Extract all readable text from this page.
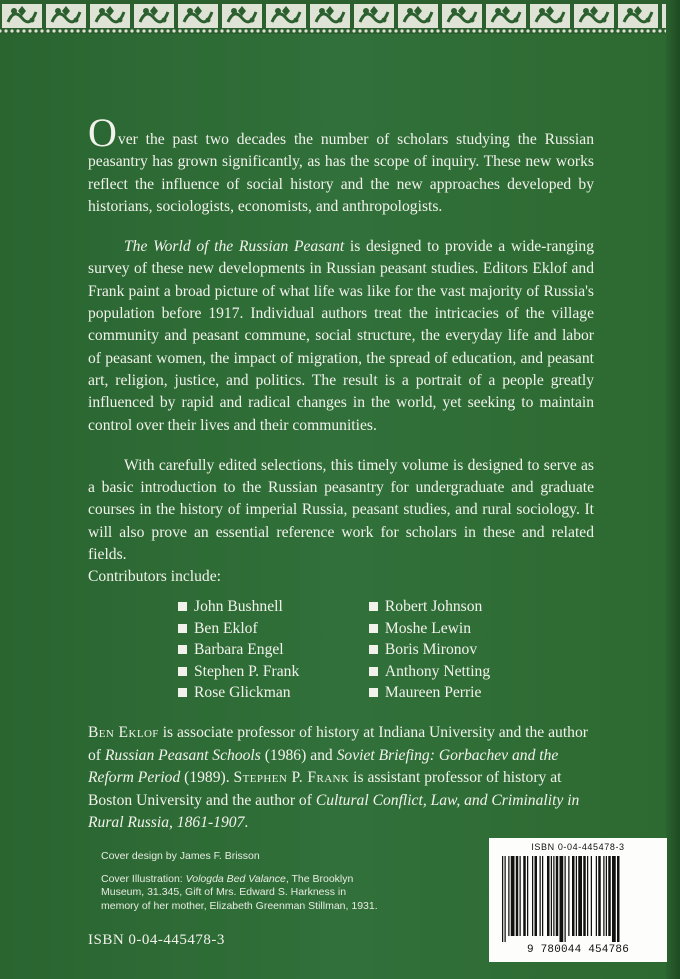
Over the past two decades the number of scholars studying the Russian peasantry has grown significantly, as has the scope of inquiry. These new works reflect the influence of social history and the new approaches developed by historians, sociologists, economists, and anthropologists.

The World of the Russian Peasant is designed to provide a wide-ranging survey of these new developments in Russian peasant studies. Editors Eklof and Frank paint a broad picture of what life was like for the vast majority of Russia's population before 1917. Individual authors treat the intricacies of the village community and peasant commune, social structure, the everyday life and labor of peasant women, the impact of migration, the spread of education, and peasant art, religion, justice, and politics. The result is a portrait of a people greatly influenced by rapid and radical changes in the world, yet seeking to maintain control over their lives and their communities.

With carefully edited selections, this timely volume is designed to serve as a basic introduction to the Russian peasantry for undergraduate and graduate courses in the history of imperial Russia, peasant studies, and rural sociology. It will also prove an essential reference work for scholars in these and related fields.

Contributors include:

John Bushnell
Ben Eklof
Barbara Engel
Stephen P. Frank
Rose Glickman
Robert Johnson
Moshe Lewin
Boris Mironov
Anthony Netting
Maureen Perrie
Ben Eklof is associate professor of history at Indiana University and the author of Russian Peasant Schools (1986) and Soviet Briefing: Gorbachev and the Reform Period (1989). Stephen P. Frank is assistant professor of history at Boston University and the author of Cultural Conflict, Law, and Criminality in Rural Russia, 1861-1907.

Cover design by James F. Brisson

Cover Illustration: Vologda Bed Valance, The Brooklyn Museum, 31.345, Gift of Mrs. Edward S. Harkness in memory of her mother, Elizabeth Greenman Stillman, 1931.

ISBN 0-04-445478-3
ISBN 0-04-445478-3
9 780044 454786
